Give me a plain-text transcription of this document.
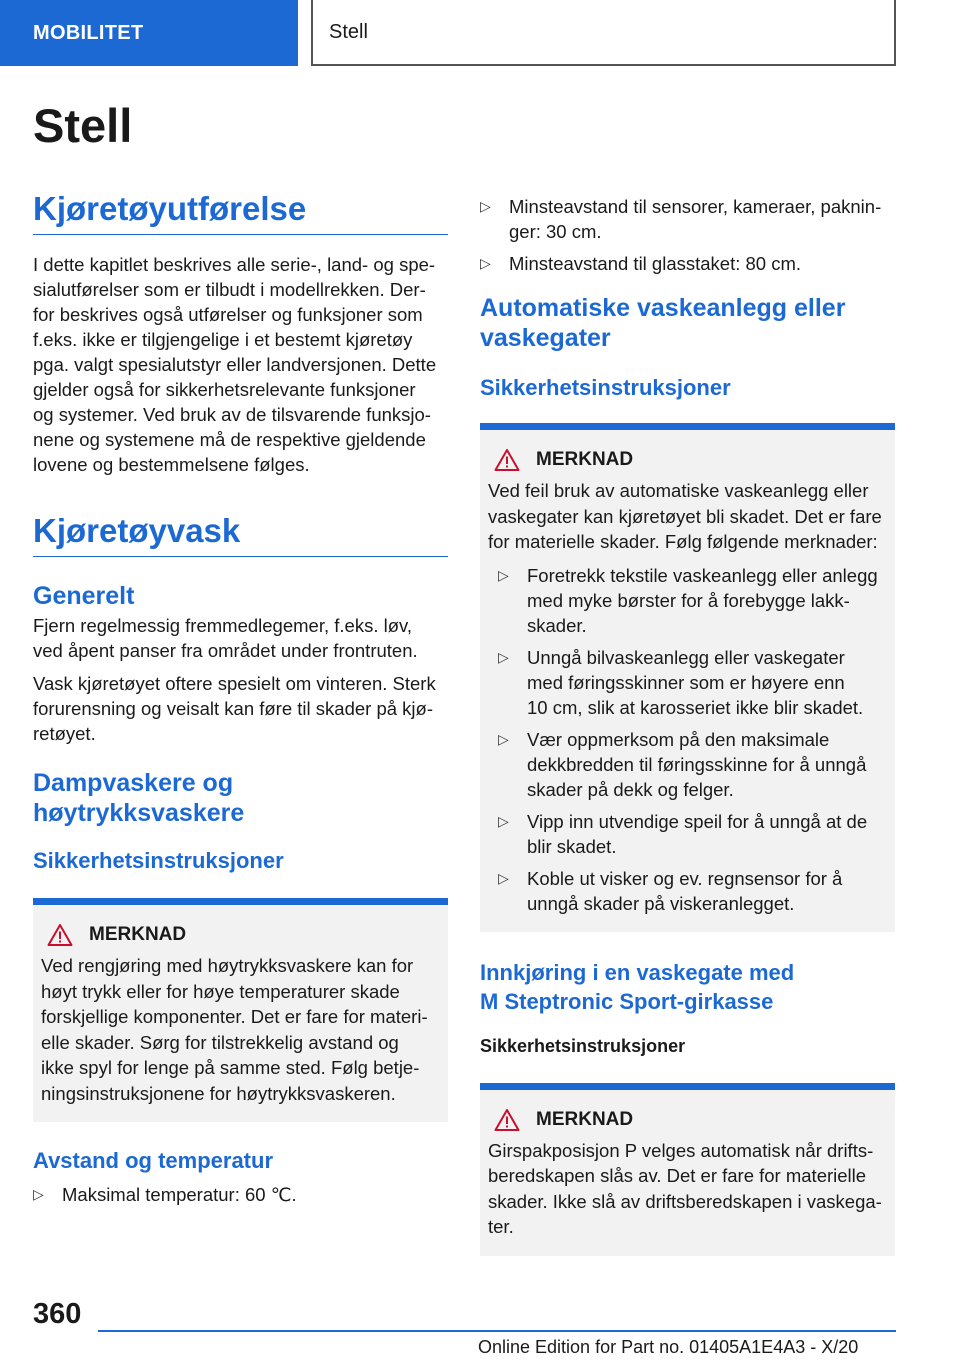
MOBILITET	Stell
Stell
Kjøretøyutførelse

I dette kapitlet beskrives alle serie-, land- og spe-
sialutførelser som er tilbudt i modellrekken. Der-
for beskrives også utførelser og funksjoner som
f.eks. ikke er tilgjengelige i et bestemt kjøretøy
pga. valgt spesialutstyr eller landversjonen. Dette
gjelder også for sikkerhetsrelevante funksjoner
og systemer. Ved bruk av de tilsvarende funksjo-
nene og systemene må de respektive gjeldende
lovene og bestemmelsene følges.

Kjøretøyvask
Generelt

Fjern regelmessig fremmedlegemer, f.eks. løv,
ved åpent panser fra området under frontruten.

Vask kjøretøyet oftere spesielt om vinteren. Sterk
forurensning og veisalt kan føre til skader på kjø-
retøyet.

Dampvaskere og
høytrykksvaskere
Sikkerhetsinstruksjoner
MERKNAD

Ved rengjøring med høytrykksvaskere kan for
høyt trykk eller for høye temperaturer skade
forskjellige komponenter. Det er fare for materi-
elle skader. Sørg for tilstrekkelig avstand og
ikke spyl for lenge på samme sted. Følg betje-
ningsinstruksjonene for høytrykksvaskeren.

Avstand og temperatur
▷ Maksimal temperatur: 60 ℃.
▷ Minsteavstand til sensorer, kameraer, paknin-
ger: 30 cm.
▷ Minsteavstand til glasstaket: 80 cm.
Automatiske vaskeanlegg eller
vaskegater
Sikkerhetsinstruksjoner
MERKNAD

Ved feil bruk av automatiske vaskeanlegg eller
vaskegater kan kjøretøyet bli skadet. Det er fare
for materielle skader. Følg følgende merknader:

▷ Foretrekk tekstile vaskeanlegg eller anlegg
med myke børster for å forebygge lakk-
skader.
▷ Unngå bilvaskeanlegg eller vaskegater
med føringsskinner som er høyere enn
10 cm, slik at karosseriet ikke blir skadet.
▷ Vær oppmerksom på den maksimale
dekkbredden til føringsskinne for å unngå
skader på dekk og felger.
▷ Vipp inn utvendige speil for å unngå at de
blir skadet.
▷ Koble ut visker og ev. regnsensor for å
unngå skader på viskeranlegget.
Innkjøring i en vaskegate med
M Steptronic Sport-girkasse
Sikkerhetsinstruksjoner
MERKNAD

Girspakposisjon P velges automatisk når drifts-
beredskapen slås av. Det er fare for materielle
skader. Ikke slå av driftsberedskapen i vaskega-
ter.

360

Online Edition for Part no. 01405A1E4A3 - X/20
